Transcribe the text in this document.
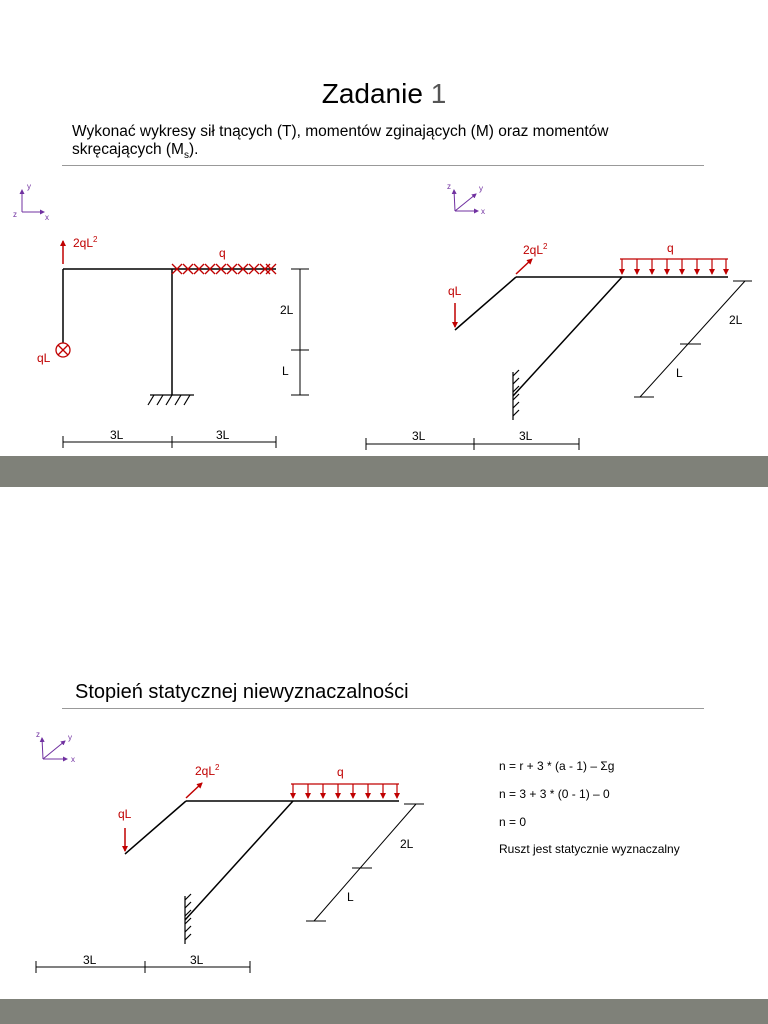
Zadanie 1
Wykonać wykresy sił tnących (T), momentów zginających (M) oraz momentów skręcających $(M_s)$.
Stopień statycznej niewyznaczalności
n = r + 3 * (a - 1) – Σg
n = 3 + 3 * (0 - 1) – 0
n = 0
Ruszt jest statycznie wyznaczalny
y
x
z
$2qL^2$
qL
q
2L
L
3L	3L
z	y
x
$2qL^2$
qL
q
2L
L
3L	3L
z	y
x
$2qL^2$
qL
q
2L
L
3L	3L
